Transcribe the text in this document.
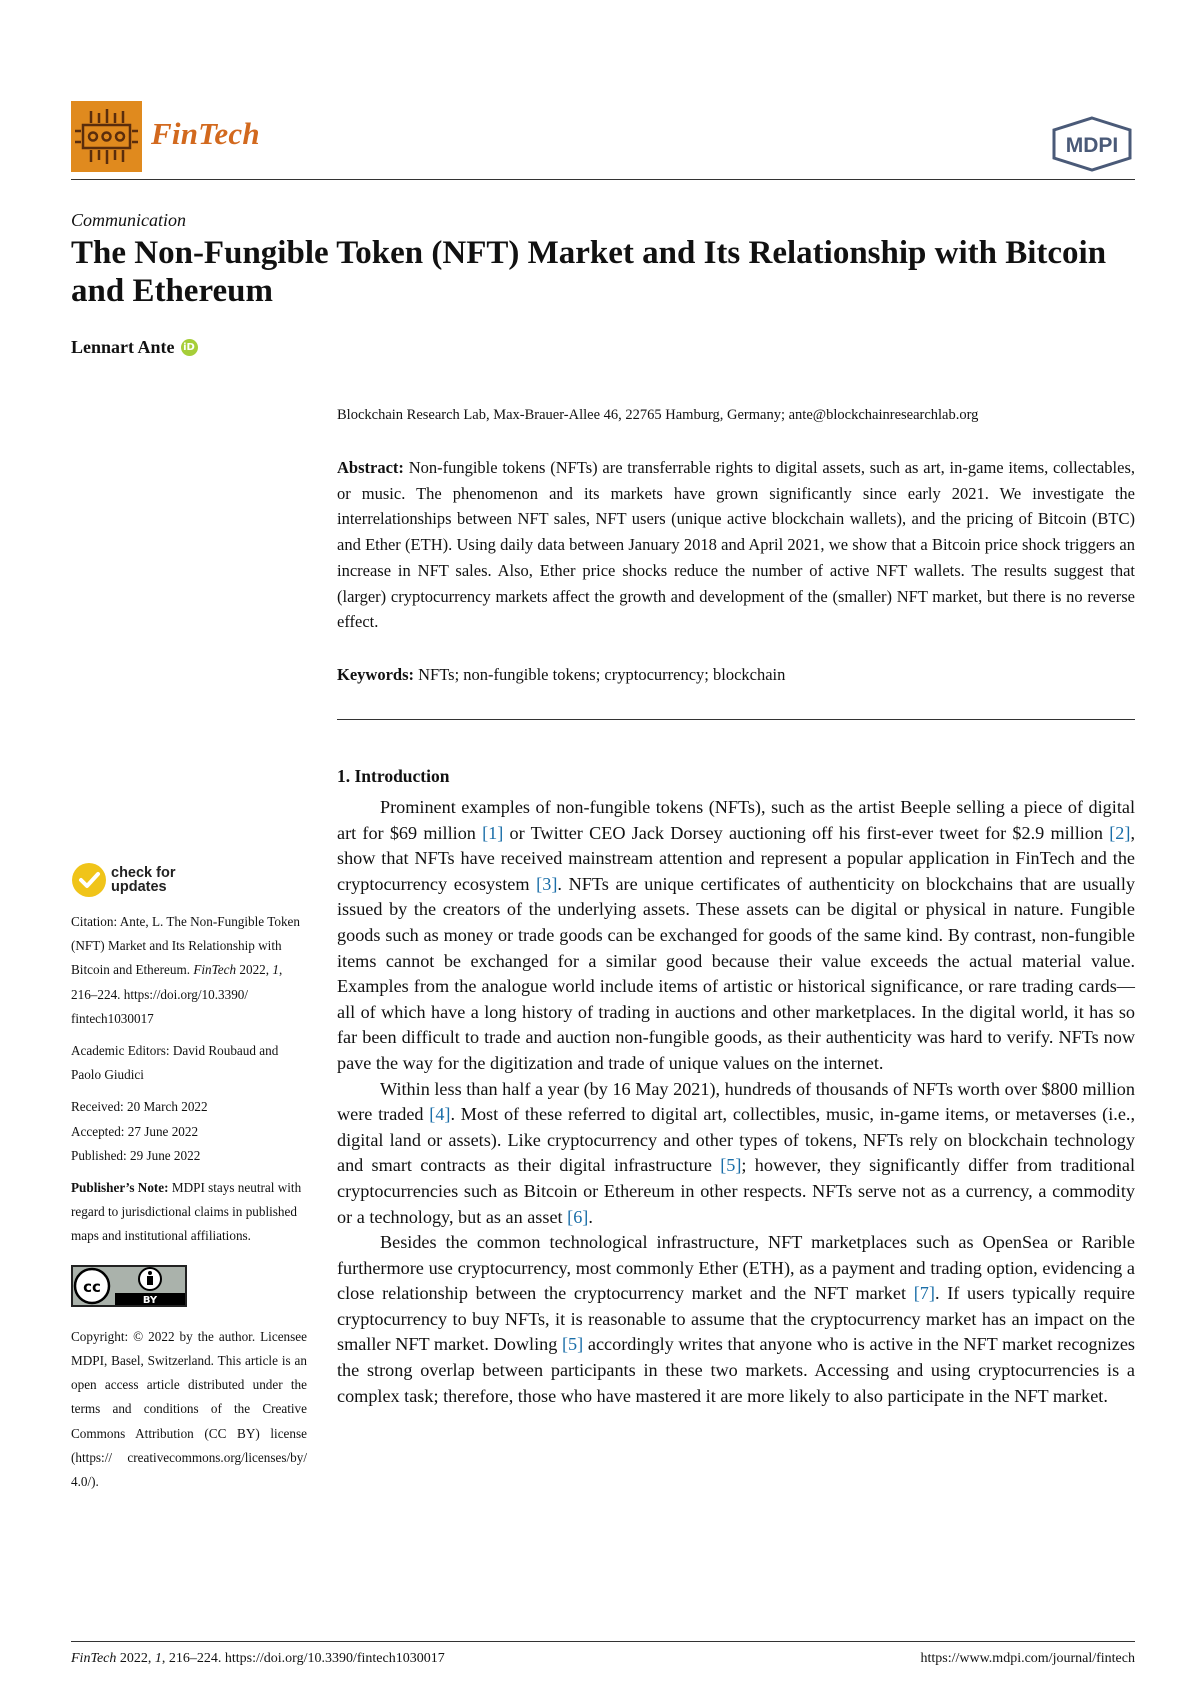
FinTech	MDPI
Communication
The Non-Fungible Token (NFT) Market and Its Relationship with Bitcoin and Ethereum
Lennart Ante iD
Blockchain Research Lab, Max-Brauer-Allee 46, 22765 Hamburg, Germany; ante@blockchainresearchlab.org
Abstract: Non-fungible tokens (NFTs) are transferrable rights to digital assets, such as art, in-game items, collectables, or music. The phenomenon and its markets have grown significantly since early 2021. We investigate the interrelationships between NFT sales, NFT users (unique active blockchain wallets), and the pricing of Bitcoin (BTC) and Ether (ETH). Using daily data between January 2018 and April 2021, we show that a Bitcoin price shock triggers an increase in NFT sales. Also, Ether price shocks reduce the number of active NFT wallets. The results suggest that (larger) cryptocurrency markets affect the growth and development of the (smaller) NFT market, but there is no reverse effect.
Keywords: NFTs; non-fungible tokens; cryptocurrency; blockchain
1. Introduction

Prominent examples of non-fungible tokens (NFTs), such as the artist Beeple selling a piece of digital art for $69 million [1] or Twitter CEO Jack Dorsey auctioning off his first-ever tweet for $2.9 million [2], show that NFTs have received mainstream attention and represent a popular application in FinTech and the cryptocurrency ecosystem [3]. NFTs are unique certificates of authenticity on blockchains that are usually issued by the creators of the underlying assets. These assets can be digital or physical in nature. Fungible goods such as money or trade goods can be exchanged for goods of the same kind. By contrast, non-fungible items cannot be exchanged for a similar good because their value exceeds the actual material value. Examples from the analogue world include items of artistic or historical significance, or rare trading cards—all of which have a long history of trading in auctions and other marketplaces. In the digital world, it has so far been difficult to trade and auction non-fungible goods, as their authenticity was hard to verify. NFTs now pave the way for the digitization and trade of unique values on the internet.

Within less than half a year (by 16 May 2021), hundreds of thousands of NFTs worth over $800 million were traded [4]. Most of these referred to digital art, collectibles, music, in-game items, or metaverses (i.e., digital land or assets). Like cryptocurrency and other types of tokens, NFTs rely on blockchain technology and smart contracts as their digital infrastructure [5]; however, they significantly differ from traditional cryptocurrencies such as Bitcoin or Ethereum in other respects. NFTs serve not as a currency, a commodity or a technology, but as an asset [6].

Besides the common technological infrastructure, NFT marketplaces such as OpenSea or Rarible furthermore use cryptocurrency, most commonly Ether (ETH), as a payment and trading option, evidencing a close relationship between the cryptocurrency market and the NFT market [7]. If users typically require cryptocurrency to buy NFTs, it is reasonable to assume that the cryptocurrency market has an impact on the smaller NFT market. Dowling [5] accordingly writes that anyone who is active in the NFT market recognizes the strong overlap between participants in these two markets. Accessing and using cryptocurrencies is a complex task; therefore, those who have mastered it are more likely to also participate in the NFT market.

check for
updates
Citation: Ante, L. The Non-Fungible Token (NFT) Market and Its Relationship with Bitcoin and Ethereum. FinTech 2022, 1, 216–224. https://doi.org/10.3390/ fintech1030017
Academic Editors: David Roubaud and Paolo Giudici
Received: 20 March 2022
Accepted: 27 June 2022
Published: 29 June 2022
Publisher’s Note: MDPI stays neutral with regard to jurisdictional claims in published maps and institutional affiliations.
cc
BY
Copyright: © 2022 by the author. Licensee MDPI, Basel, Switzerland. This article is an open access article distributed under the terms and conditions of the Creative Commons Attribution (CC BY) license (https:// creativecommons.org/licenses/by/ 4.0/).
FinTech 2022, 1, 216–224. https://doi.org/10.3390/fintech1030017	https://www.mdpi.com/journal/fintech
